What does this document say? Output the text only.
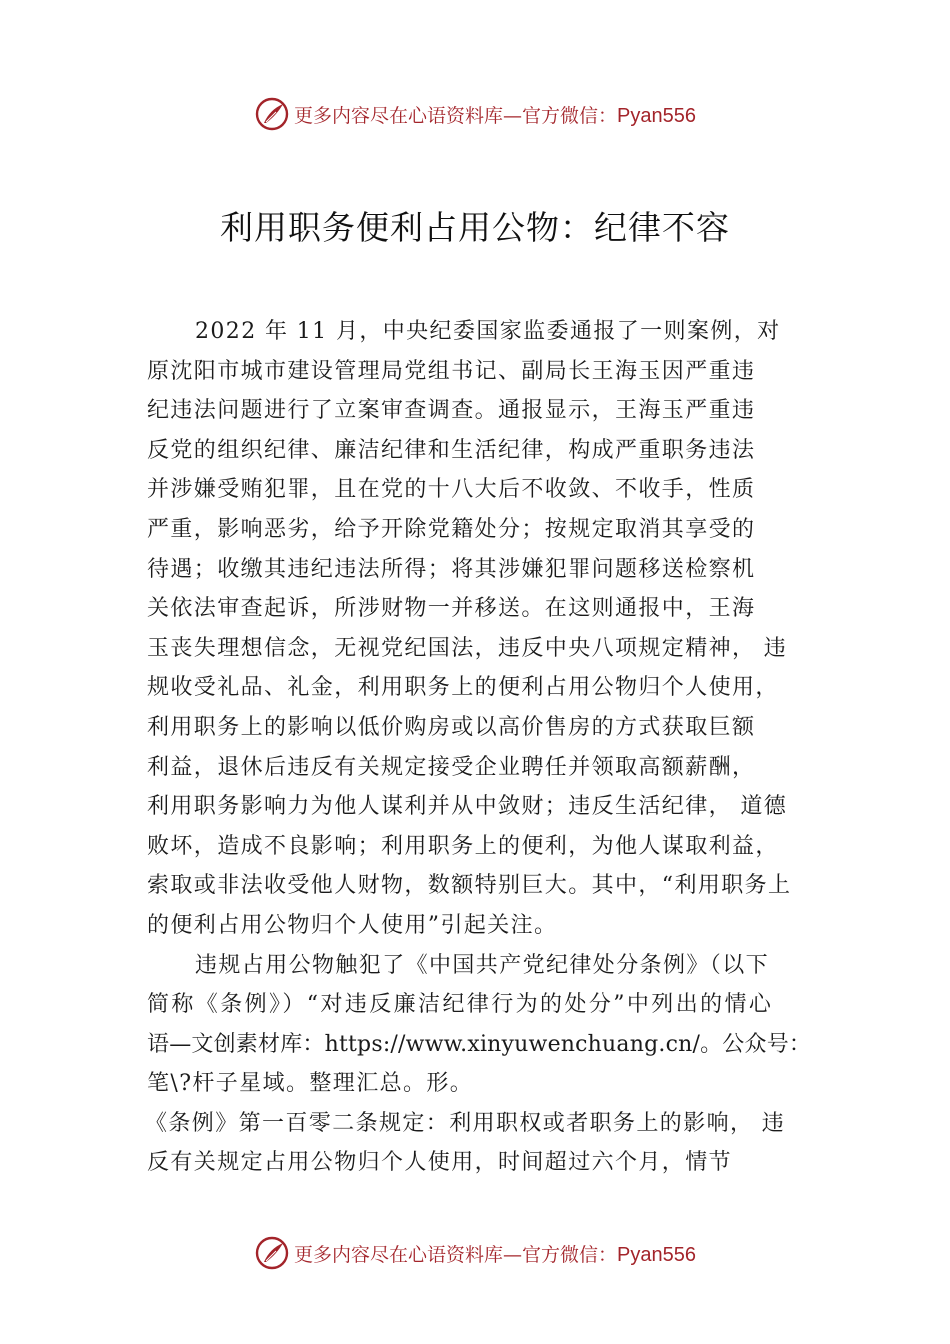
更多内容尽在心语资料库—官方微信：Pyan556
利用职务便利占用公物：纪律不容
2022 年 11 月，中央纪委国家监委通报了一则案例，对
原沈阳市城市建设管理局党组书记、副局长王海玉因严重违
纪违法问题进行了立案审查调查。通报显示，王海玉严重违
反党的组织纪律、廉洁纪律和生活纪律，构成严重职务违法
并涉嫌受贿犯罪，且在党的十八大后不收敛、不收手，性质
严重，影响恶劣，给予开除党籍处分；按规定取消其享受的
待遇；收缴其违纪违法所得；将其涉嫌犯罪问题移送检察机
关依法审查起诉，所涉财物一并移送。在这则通报中，王海
玉丧失理想信念，无视党纪国法，违反中央八项规定精神， 违
规收受礼品、礼金，利用职务上的便利占用公物归个人使用，
利用职务上的影响以低价购房或以高价售房的方式获取巨额
利益，退休后违反有关规定接受企业聘任并领取高额薪酬，
利用职务影响力为他人谋利并从中敛财；违反生活纪律， 道德
败坏，造成不良影响；利用职务上的便利，为他人谋取利益，
索取或非法收受他人财物，数额特别巨大。其中，“利用职务上
的便利占用公物归个人使用”引起关注。
违规占用公物触犯了《中国共产党纪律处分条例》（以下
简称《条例》）“对违反廉洁纪律行为的处分”中列出的情心
语—文创素材库：https://www.xinyuwenchuang.cn/。公众号：
笔\?杆子星域。整理汇总。形。
《条例》第一百零二条规定：利用职权或者职务上的影响， 违
反有关规定占用公物归个人使用，时间超过六个月，情节
更多内容尽在心语资料库—官方微信：Pyan556
